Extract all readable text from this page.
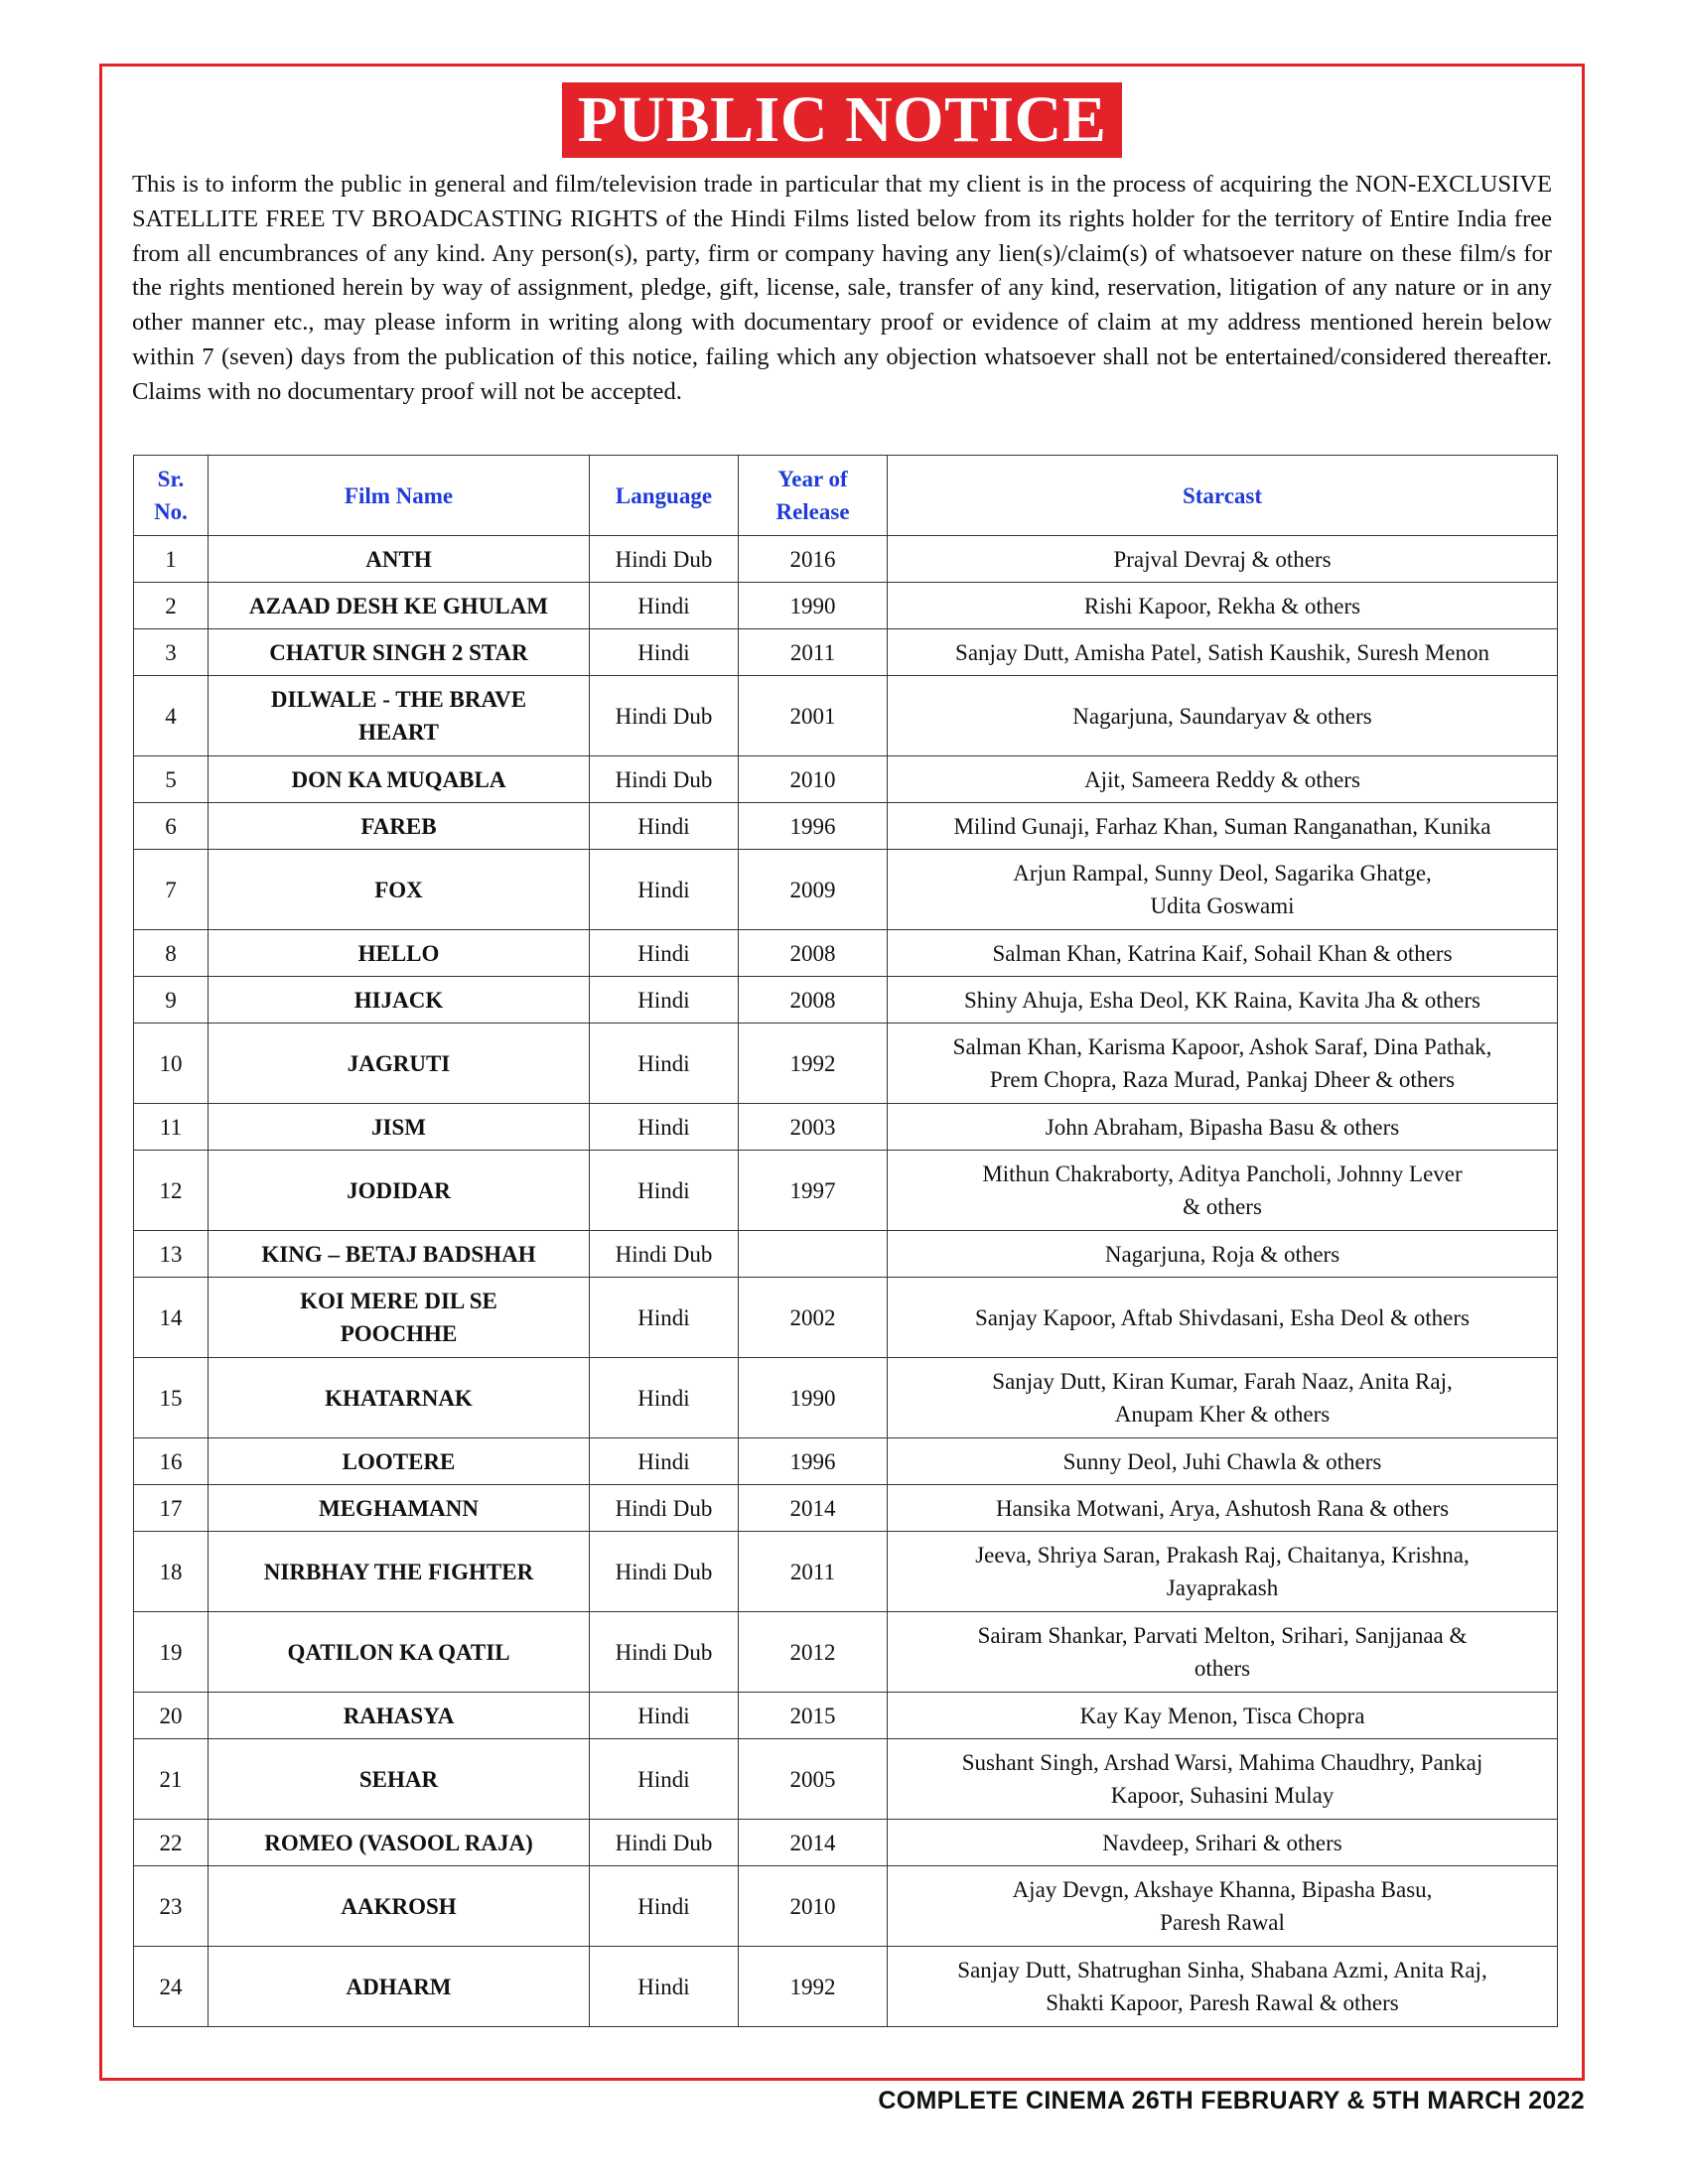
PUBLIC NOTICE

This is to inform the public in general and film/television trade in particular that my client is in the process of acquiring the NON-EXCLUSIVE SATELLITE FREE TV BROADCASTING RIGHTS of the Hindi Films listed below from its rights holder for the territory of Entire India free from all encumbrances of any kind. Any person(s), party, firm or company having any lien(s)/claim(s) of whatsoever nature on these film/s for the rights mentioned herein by way of assignment, pledge, gift, license, sale, transfer of any kind, reservation, litigation of any nature or in any other manner etc., may please inform in writing along with documentary proof or evidence of claim at my address mentioned herein below within 7 (seven) days from the publication of this notice, failing which any objection whatsoever shall not be entertained/considered thereafter. Claims with no documentary proof will not be accepted.

Sr.
No.	Film Name	Language	Year of
Release	Starcast
1	ANTH	Hindi Dub	2016	Prajval Devraj & others
2	AZAAD DESH KE GHULAM	Hindi	1990	Rishi Kapoor, Rekha & others
3	CHATUR SINGH 2 STAR	Hindi	2011	Sanjay Dutt, Amisha Patel, Satish Kaushik, Suresh Menon
4	DILWALE - THE BRAVE
HEART	Hindi Dub	2001	Nagarjuna, Saundaryav & others
5	DON KA MUQABLA	Hindi Dub	2010	Ajit, Sameera Reddy & others
6	FAREB	Hindi	1996	Milind Gunaji, Farhaz Khan, Suman Ranganathan, Kunika
7	FOX	Hindi	2009	Arjun Rampal, Sunny Deol, Sagarika Ghatge,
Udita Goswami
8	HELLO	Hindi	2008	Salman Khan, Katrina Kaif, Sohail Khan & others
9	HIJACK	Hindi	2008	Shiny Ahuja, Esha Deol, KK Raina, Kavita Jha & others
10	JAGRUTI	Hindi	1992	Salman Khan, Karisma Kapoor, Ashok Saraf, Dina Pathak,
Prem Chopra, Raza Murad, Pankaj Dheer & others
11	JISM	Hindi	2003	John Abraham, Bipasha Basu & others
12	JODIDAR	Hindi	1997	Mithun Chakraborty, Aditya Pancholi, Johnny Lever
& others
13	KING – BETAJ BADSHAH	Hindi Dub		Nagarjuna, Roja & others
14	KOI MERE DIL SE
POOCHHE	Hindi	2002	Sanjay Kapoor, Aftab Shivdasani, Esha Deol & others
15	KHATARNAK	Hindi	1990	Sanjay Dutt, Kiran Kumar, Farah Naaz, Anita Raj,
Anupam Kher & others
16	LOOTERE	Hindi	1996	Sunny Deol, Juhi Chawla & others
17	MEGHAMANN	Hindi Dub	2014	Hansika Motwani, Arya, Ashutosh Rana & others
18	NIRBHAY THE FIGHTER	Hindi Dub	2011	Jeeva, Shriya Saran, Prakash Raj, Chaitanya, Krishna,
Jayaprakash
19	QATILON KA QATIL	Hindi Dub	2012	Sairam Shankar, Parvati Melton, Srihari, Sanjjanaa &
others
20	RAHASYA	Hindi	2015	Kay Kay Menon, Tisca Chopra
21	SEHAR	Hindi	2005	Sushant Singh, Arshad Warsi, Mahima Chaudhry, Pankaj
Kapoor, Suhasini Mulay
22	ROMEO (VASOOL RAJA)	Hindi Dub	2014	Navdeep, Srihari & others
23	AAKROSH	Hindi	2010	Ajay Devgn, Akshaye Khanna, Bipasha Basu,
Paresh Rawal
24	ADHARM	Hindi	1992	Sanjay Dutt, Shatrughan Sinha, Shabana Azmi, Anita Raj,
Shakti Kapoor, Paresh Rawal & others
COMPLETE CINEMA 26TH FEBRUARY & 5TH MARCH 2022
